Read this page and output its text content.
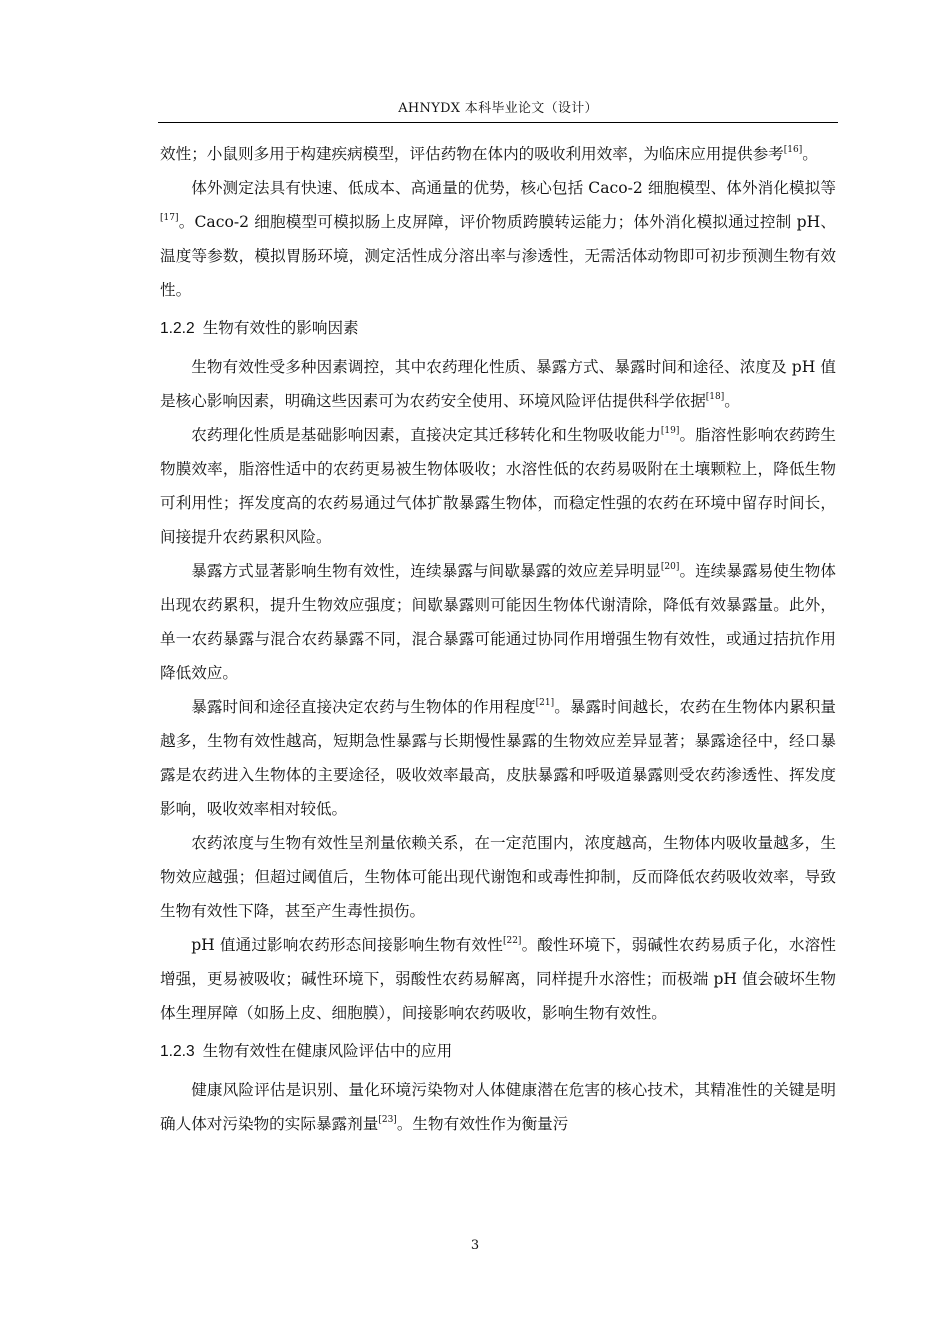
AHNYDX 本科毕业论文（设计）

效性；小鼠则多用于构建疾病模型，评估药物在体内的吸收利用效率，为临床应用提供参考[16]。

体外测定法具有快速、低成本、高通量的优势，核心包括 Caco-2 细胞模型、体外消化模拟等[17]。Caco-2 细胞模型可模拟肠上皮屏障，评价物质跨膜转运能力；体外消化模拟通过控制 pH、温度等参数，模拟胃肠环境，测定活性成分溶出率与渗透性，无需活体动物即可初步预测生物有效性。

1.2.2 生物有效性的影响因素

生物有效性受多种因素调控，其中农药理化性质、暴露方式、暴露时间和途径、浓度及 pH 值是核心影响因素，明确这些因素可为农药安全使用、环境风险评估提供科学依据[18]。

农药理化性质是基础影响因素，直接决定其迁移转化和生物吸收能力[19]。脂溶性影响农药跨生物膜效率，脂溶性适中的农药更易被生物体吸收；水溶性低的农药易吸附在土壤颗粒上，降低生物可利用性；挥发度高的农药易通过气体扩散暴露生物体，而稳定性强的农药在环境中留存时间长，间接提升农药累积风险。

暴露方式显著影响生物有效性，连续暴露与间歇暴露的效应差异明显[20]。连续暴露易使生物体出现农药累积，提升生物效应强度；间歇暴露则可能因生物体代谢清除，降低有效暴露量。此外，单一农药暴露与混合农药暴露不同，混合暴露可能通过协同作用增强生物有效性，或通过拮抗作用降低效应。

暴露时间和途径直接决定农药与生物体的作用程度[21]。暴露时间越长，农药在生物体内累积量越多，生物有效性越高，短期急性暴露与长期慢性暴露的生物效应差异显著；暴露途径中，经口暴露是农药进入生物体的主要途径，吸收效率最高，皮肤暴露和呼吸道暴露则受农药渗透性、挥发度影响，吸收效率相对较低。

农药浓度与生物有效性呈剂量依赖关系，在一定范围内，浓度越高，生物体内吸收量越多，生物效应越强；但超过阈值后，生物体可能出现代谢饱和或毒性抑制，反而降低农药吸收效率，导致生物有效性下降，甚至产生毒性损伤。

pH 值通过影响农药形态间接影响生物有效性[22]。酸性环境下，弱碱性农药易质子化，水溶性增强，更易被吸收；碱性环境下，弱酸性农药易解离，同样提升水溶性；而极端 pH 值会破坏生物体生理屏障（如肠上皮、细胞膜），间接影响农药吸收，影响生物有效性。

1.2.3 生物有效性在健康风险评估中的应用

健康风险评估是识别、量化环境污染物对人体健康潜在危害的核心技术，其精准性的关键是明确人体对污染物的实际暴露剂量[23]。生物有效性作为衡量污

3
